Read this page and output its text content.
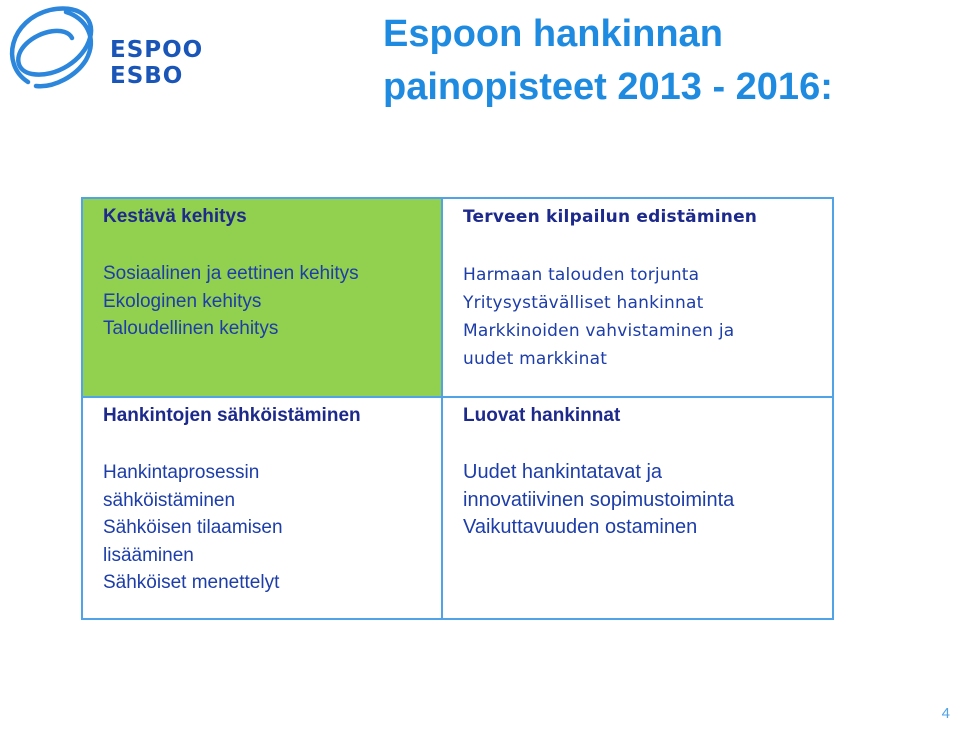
ESPOO
ESBO
Espoon hankinnan
painopisteet 2013 - 2016:
Kestävä kehitys
Sosiaalinen ja eettinen kehitys
Ekologinen kehitys
Taloudellinen kehitys
Terveen kilpailun edistäminen
Harmaan talouden torjunta
Yritysystävälliset hankinnat
Markkinoiden vahvistaminen ja
uudet markkinat
Hankintojen sähköistäminen
Hankintaprosessin
sähköistäminen
Sähköisen tilaamisen
lisääminen
Sähköiset menettelyt
Luovat hankinnat
Uudet hankintatavat ja
innovatiivinen sopimustoiminta
Vaikuttavuuden ostaminen
4
